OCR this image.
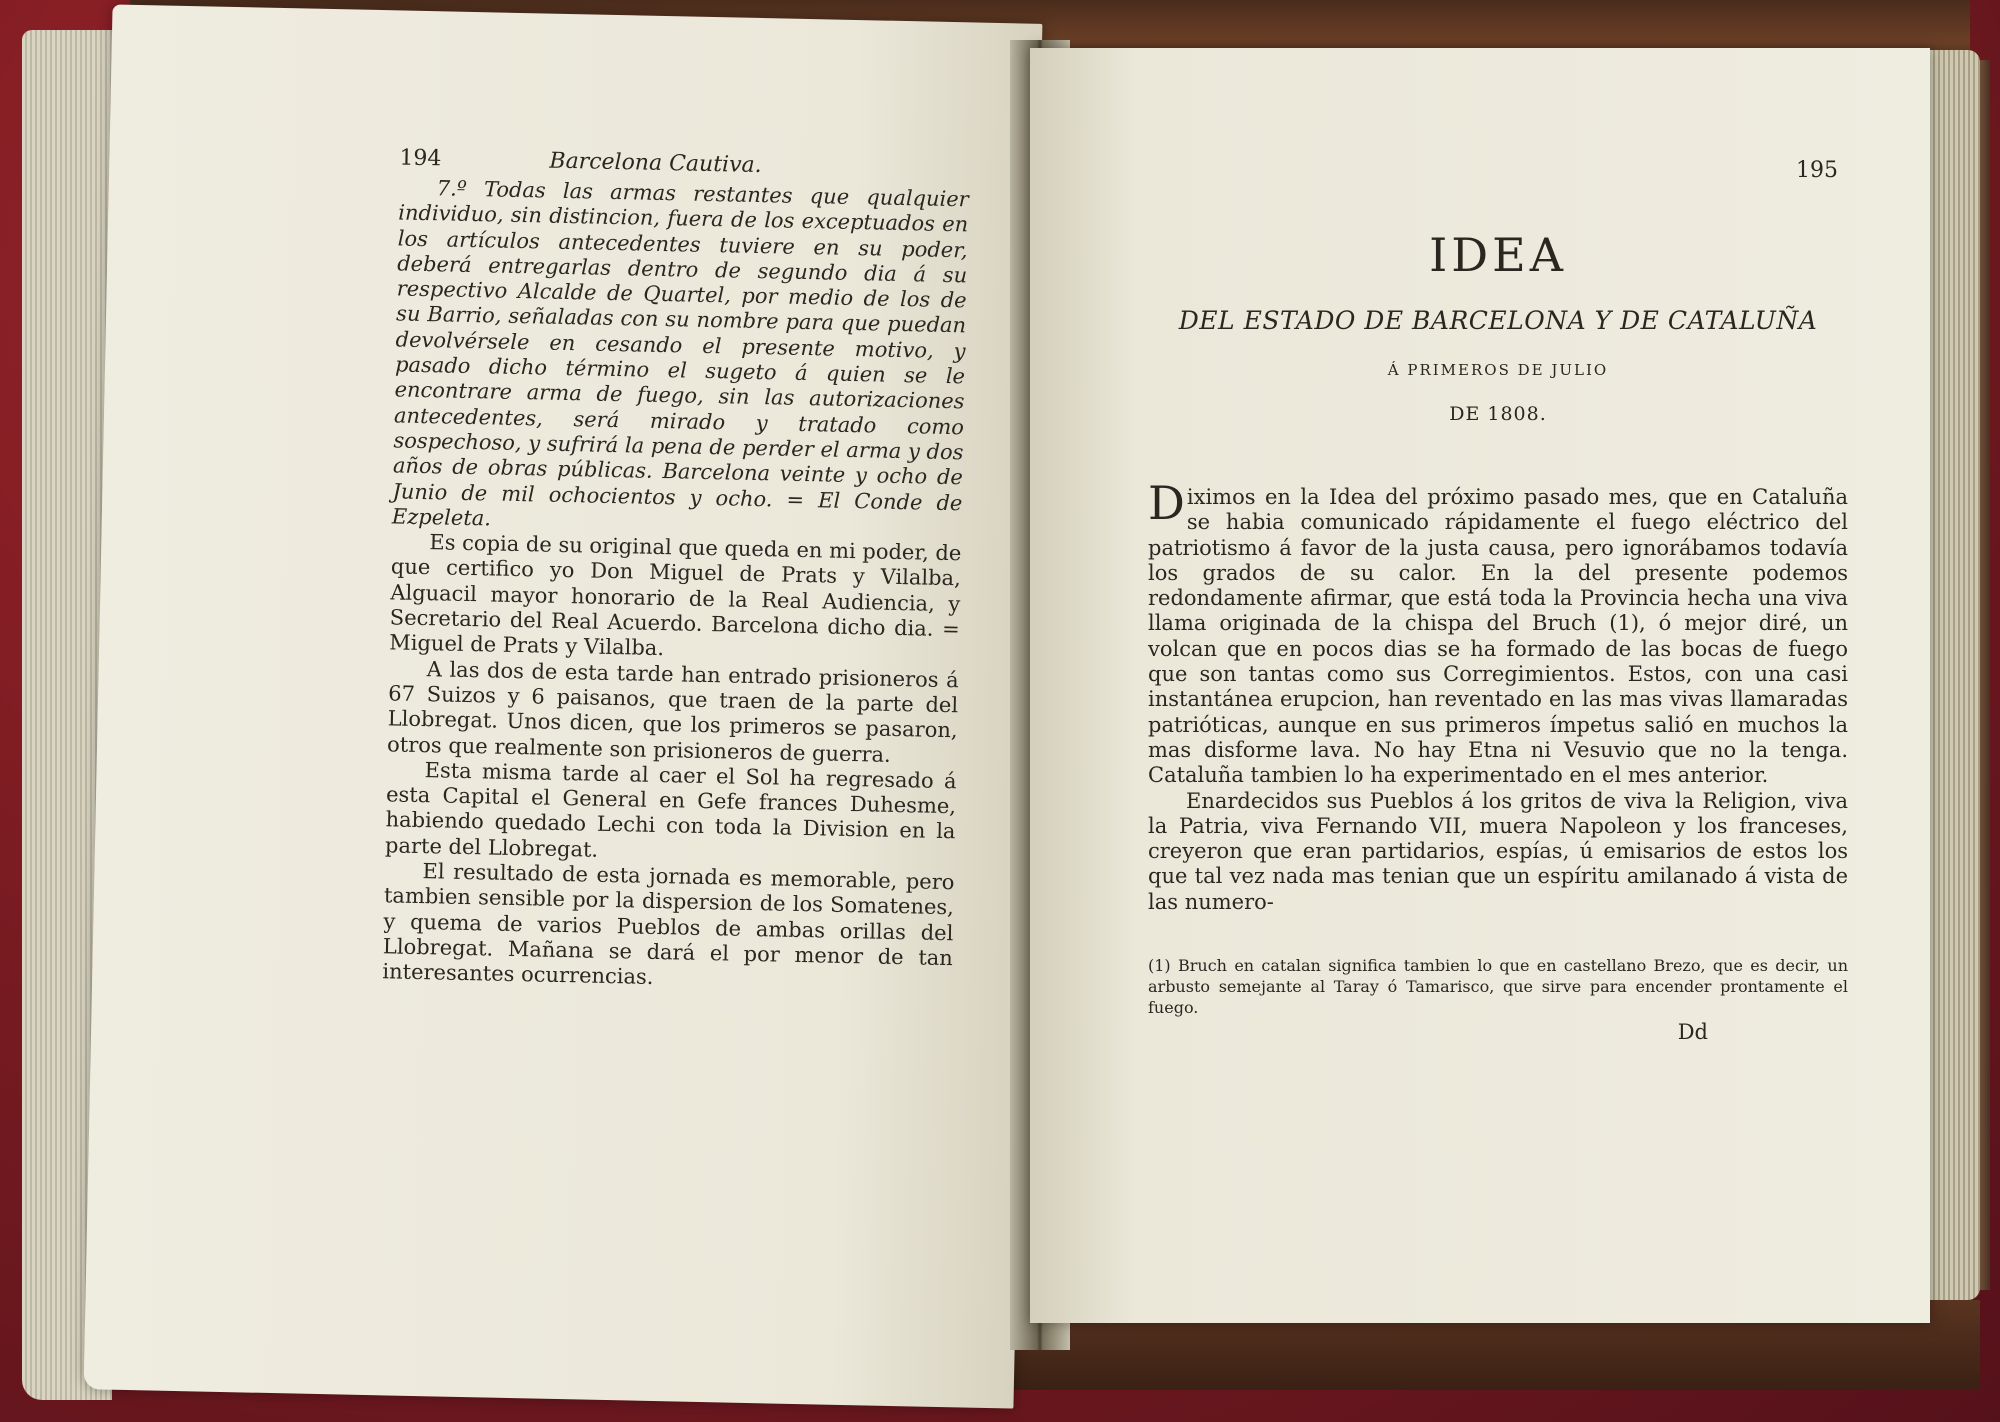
194	Barcelona Cautiva.

7.º Todas las armas restantes que qualquier individuo, sin distincion, fuera de los exceptuados en los artículos antecedentes tuviere en su poder, deberá entregarlas dentro de segundo dia á su respectivo Alcalde de Quartel, por medio de los de su Barrio, señaladas con su nombre para que puedan devolvérsele en cesando el presente motivo, y pasado dicho término el sugeto á quien se le encontrare arma de fuego, sin las autorizaciones antecedentes, será mirado y tratado como sospechoso, y sufrirá la pena de perder el arma y dos años de obras públicas. Barcelona veinte y ocho de Junio de mil ochocientos y ocho. = El Conde de Ezpeleta.

Es copia de su original que queda en mi poder, de que certifico yo Don Miguel de Prats y Vilalba, Alguacil mayor honorario de la Real Audiencia, y Secretario del Real Acuerdo. Barcelona dicho dia. = Miguel de Prats y Vilalba.

A las dos de esta tarde han entrado prisioneros á 67 Suizos y 6 paisanos, que traen de la parte del Llobregat. Unos dicen, que los primeros se pasaron, otros que realmente son prisioneros de guerra.

Esta misma tarde al caer el Sol ha regresado á esta Capital el General en Gefe frances Duhesme, habiendo quedado Lechi con toda la Division en la parte del Llobregat.

El resultado de esta jornada es memorable, pero tambien sensible por la dispersion de los Somatenes, y quema de varios Pueblos de ambas orillas del Llobregat. Mañana se dará el por menor de tan interesantes ocurrencias.

195
IDEA
DEL ESTADO DE BARCELONA Y DE CATALUÑA
Á PRIMEROS DE JULIO
DE 1808.

Diximos en la Idea del próximo pasado mes, que en Cataluña se habia comunicado rápidamente el fuego eléctrico del patriotismo á favor de la justa causa, pero ignorábamos todavía los grados de su calor. En la del presente podemos redondamente afirmar, que está toda la Provincia hecha una viva llama originada de la chispa del Bruch (1), ó mejor diré, un volcan que en pocos dias se ha formado de las bocas de fuego que son tantas como sus Corregimientos. Estos, con una casi instantánea erupcion, han reventado en las mas vivas llamaradas patrióticas, aunque en sus primeros ímpetus salió en muchos la mas disforme lava. No hay Etna ni Vesuvio que no la tenga. Cataluña tambien lo ha experimentado en el mes anterior.

Enardecidos sus Pueblos á los gritos de viva la Religion, viva la Patria, viva Fernando VII, muera Napoleon y los franceses, creyeron que eran partidarios, espías, ú emisarios de estos los que tal vez nada mas tenian que un espíritu amilanado á vista de las numero-

(1) Bruch en catalan significa tambien lo que en castellano Brezo, que es decir, un arbusto semejante al Taray ó Tamarisco, que sirve para encender prontamente el fuego.

Dd
